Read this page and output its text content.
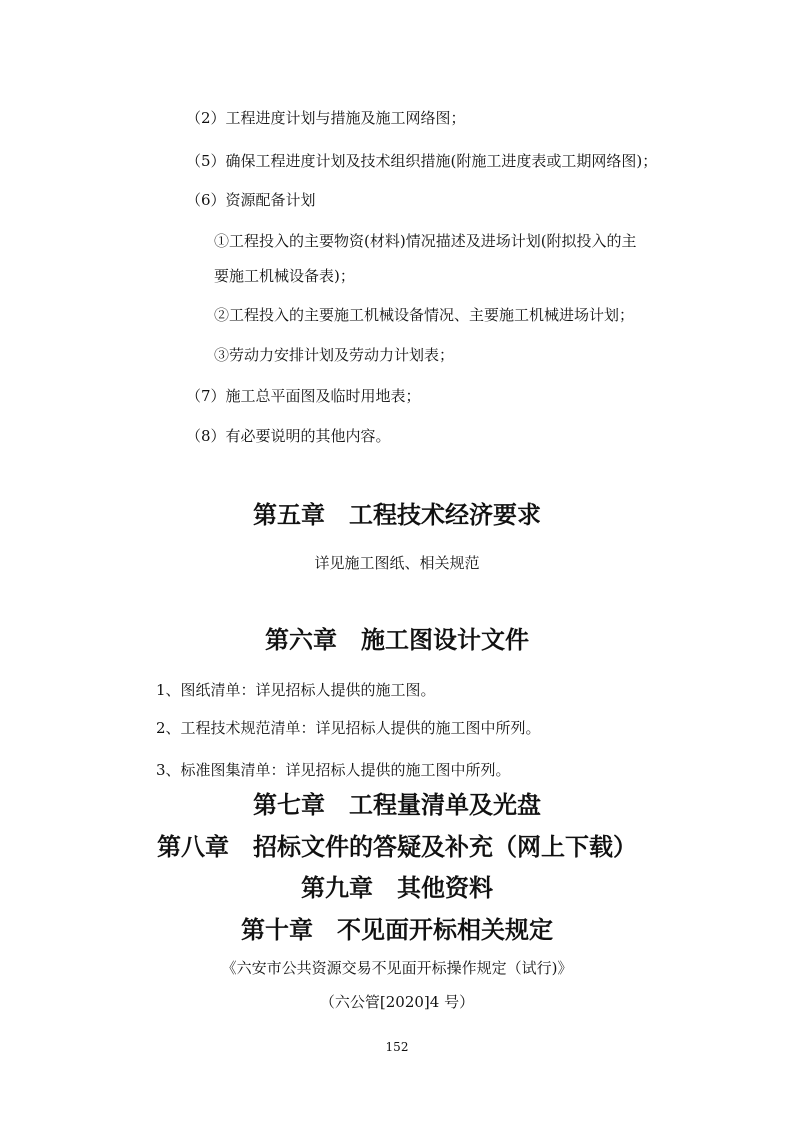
（2）工程进度计划与措施及施工网络图；
（5）确保工程进度计划及技术组织措施(附施工进度表或工期网络图)；
（6）资源配备计划
①工程投入的主要物资(材料)情况描述及进场计划(附拟投入的主
要施工机械设备表)；
②工程投入的主要施工机械设备情况、主要施工机械进场计划；
③劳动力安排计划及劳动力计划表；
（7）施工总平面图及临时用地表；
（8）有必要说明的其他内容。
第五章　工程技术经济要求
详见施工图纸、相关规范
第六章　施工图设计文件
1、图纸清单：详见招标人提供的施工图。
2、工程技术规范清单：详见招标人提供的施工图中所列。
3、标准图集清单：详见招标人提供的施工图中所列。
第七章　工程量清单及光盘
第八章　招标文件的答疑及补充（网上下载）
第九章　其他资料
第十章　不见面开标相关规定
《六安市公共资源交易不见面开标操作规定（试行)》
（六公管[2020]4 号）
152
